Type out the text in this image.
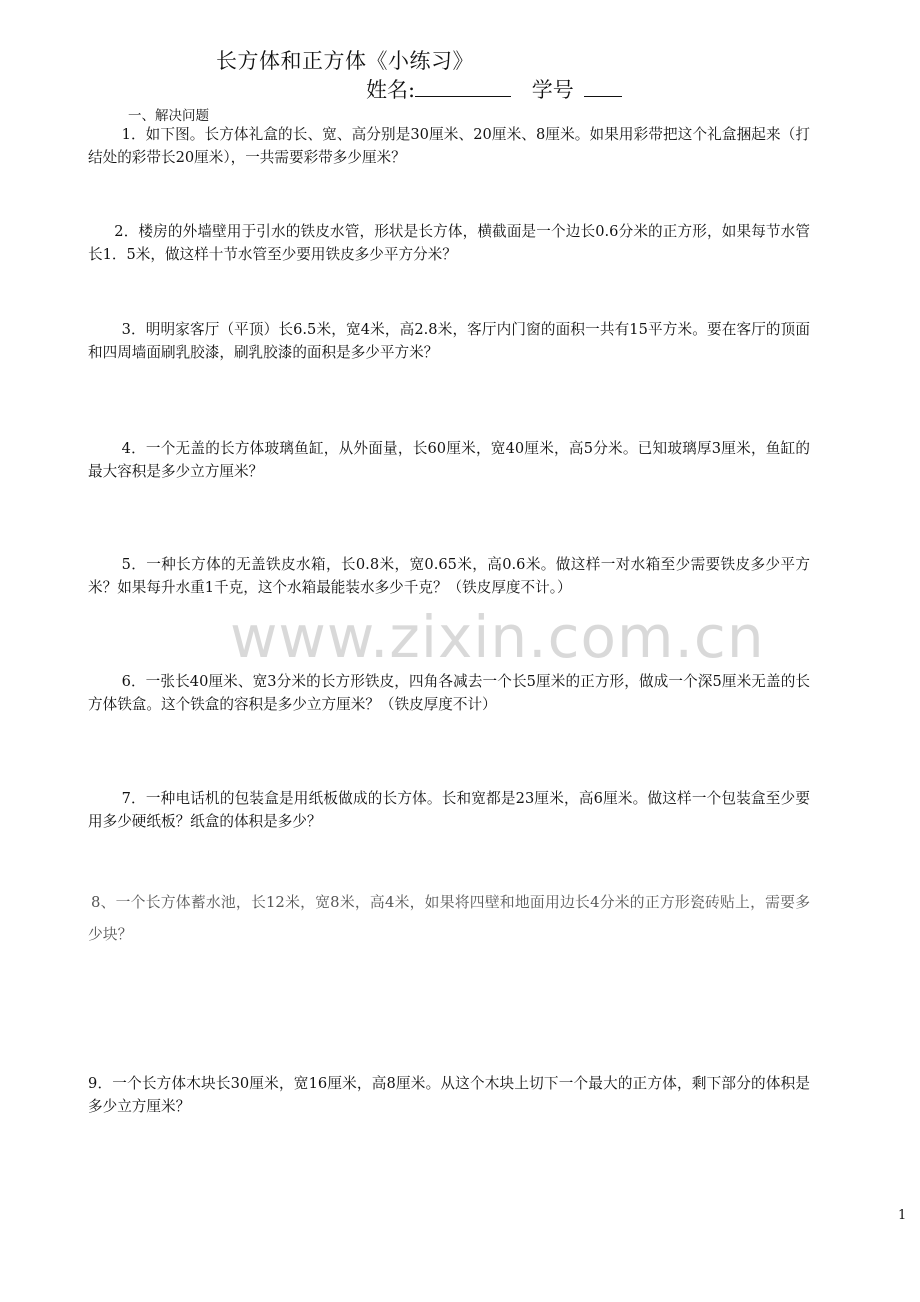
长方体和正方体《小练习》
姓名:	学号
一、解决问题
1．如下图。长方体礼盒的长、宽、高分别是30厘米、20厘米、8厘米。如果用彩带把这个礼盒捆起来（打结处的彩带长20厘米），一共需要彩带多少厘米？
2．楼房的外墙壁用于引水的铁皮水管，形状是长方体，横截面是一个边长0.6分米的正方形，如果每节水管长1．5米，做这样十节水管至少要用铁皮多少平方分米？
3．明明家客厅（平顶）长6.5米，宽4米，高2.8米，客厅内门窗的面积一共有15平方米。要在客厅的顶面和四周墙面刷乳胶漆，刷乳胶漆的面积是多少平方米？
4．一个无盖的长方体玻璃鱼缸，从外面量，长60厘米，宽40厘米，高5分米。已知玻璃厚3厘米，鱼缸的最大容积是多少立方厘米？
5．一种长方体的无盖铁皮水箱，长0.8米，宽0.65米，高0.6米。做这样一对水箱至少需要铁皮多少平方米？如果每升水重1千克，这个水箱最能装水多少千克？（铁皮厚度不计。）
www.zixin.com.cn
6．一张长40厘米、宽3分米的长方形铁皮，四角各减去一个长5厘米的正方形，做成一个深5厘米无盖的长方体铁盒。这个铁盒的容积是多少立方厘米？（铁皮厚度不计）
7．一种电话机的包装盒是用纸板做成的长方体。长和宽都是23厘米，高6厘米。做这样一个包装盒至少要用多少硬纸板？纸盒的体积是多少？
8、一个长方体蓄水池，长12米，宽8米，高4米，如果将四壁和地面用边长4分米的正方形瓷砖贴上，需要多少块？
9．一个长方体木块长30厘米，宽16厘米，高8厘米。从这个木块上切下一个最大的正方体，剩下部分的体积是多少立方厘米？
1
